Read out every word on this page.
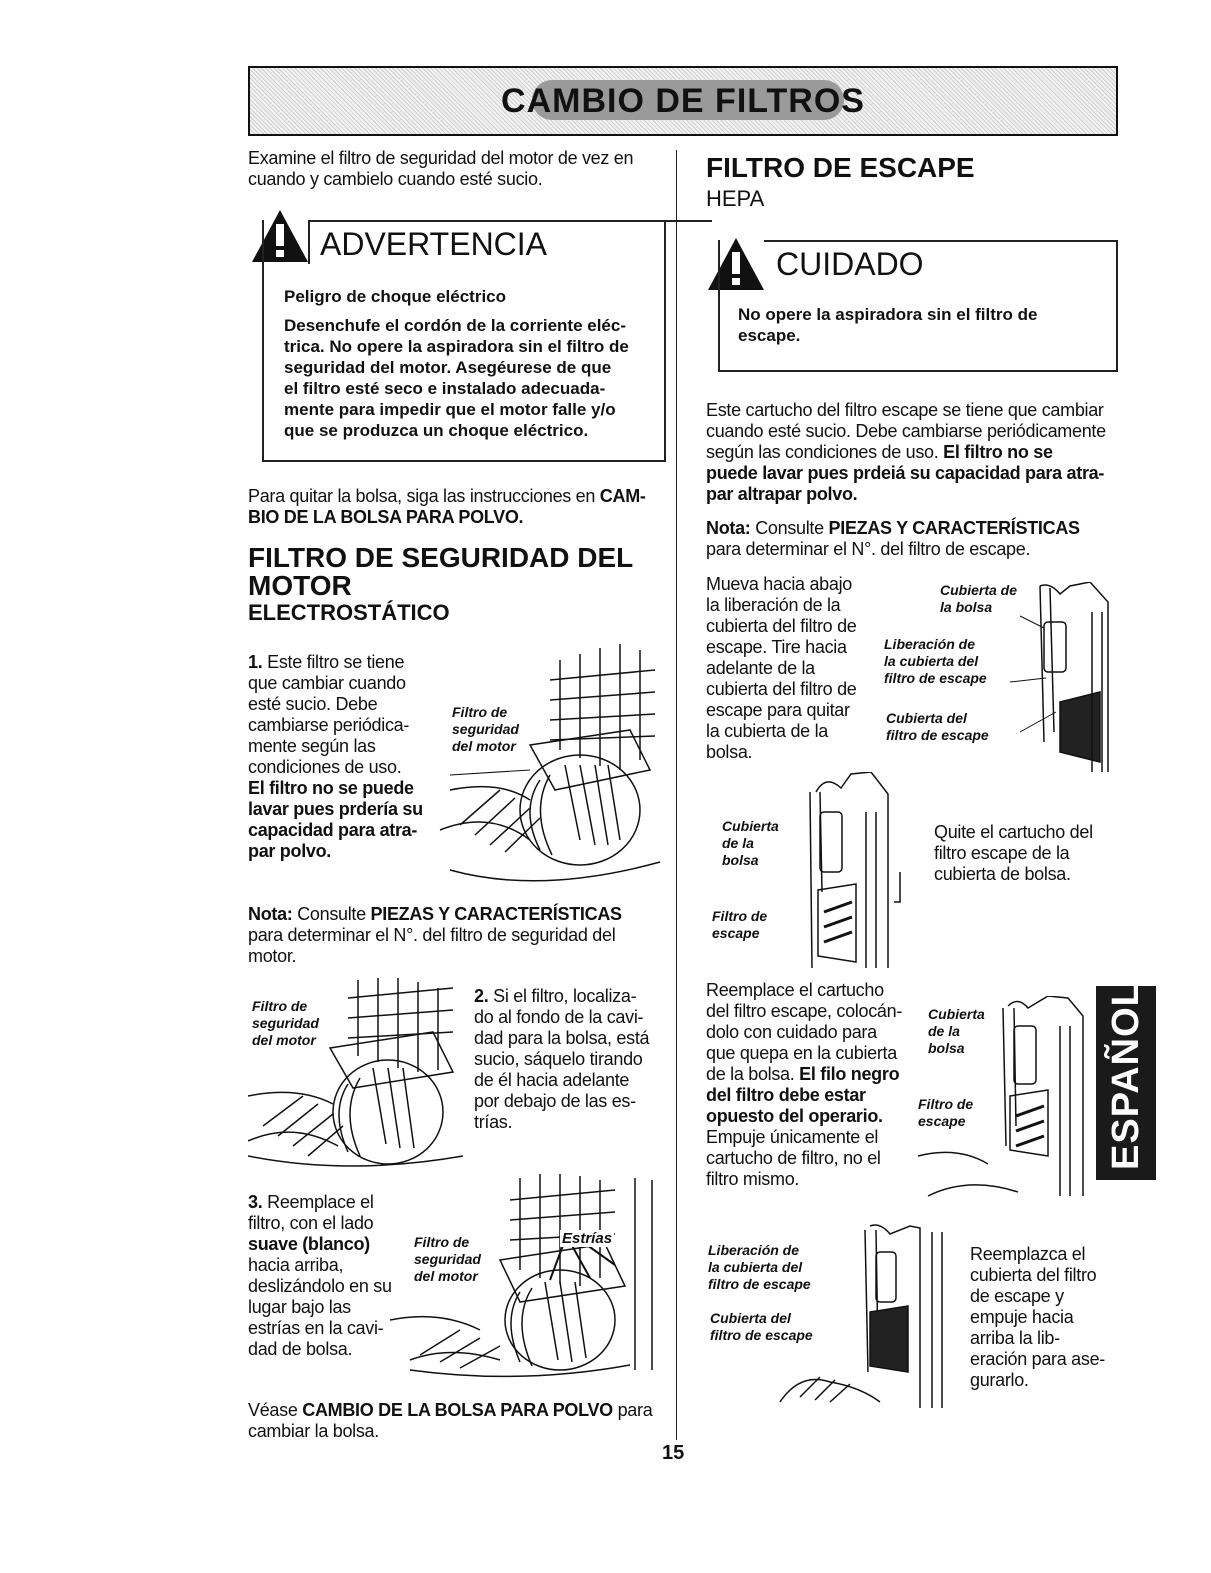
CAMBIO DE FILTROS
Examine el filtro de seguridad del motor de vez en
cuando y cambielo cuando esté sucio.
ADVERTENCIA
Peligro de choque eléctrico
Desenchufe el cordón de la corriente eléc-
trica. No opere la aspiradora sin el filtro de
seguridad del motor. Asegéurese de que
el filtro esté seco e instalado adecuada-
mente para impedir que el motor falle y/o
que se produzca un choque eléctrico.
Para quitar la bolsa, siga las instrucciones en CAM-
BIO DE LA BOLSA PARA POLVO.
FILTRO DE SEGURIDAD DEL
MOTOR
ELECTROSTÁTICO
1. Este filtro se tiene
que cambiar cuando
esté sucio. Debe
cambiarse periódica-
mente según las
condiciones de uso.
El filtro no se puede
lavar pues prdería su
capacidad para atra-
par polvo.
Filtro de
seguridad
del motor
Nota: Consulte PIEZAS Y CARACTERÍSTICAS
para determinar el N°. del filtro de seguridad del
motor.
Filtro de
seguridad
del motor
2. Si el filtro, localiza-
do al fondo de la cavi-
dad para la bolsa, está
sucio, sáquelo tirando
de él hacia adelante
por debajo de las es-
trías.
3. Reemplace el
filtro, con el lado
suave (blanco)
hacia arriba,
deslizándolo en su
lugar bajo las
estrías en la cavi-
dad de bolsa.
Filtro de
seguridad
del motor
Estrías
Véase CAMBIO DE LA BOLSA PARA POLVO para
cambiar la bolsa.
FILTRO DE ESCAPE
HEPA
CUIDADO
No opere la aspiradora sin el filtro de
escape.
Este cartucho del filtro escape se tiene que cambiar
cuando esté sucio. Debe cambiarse periódicamente
según las condiciones de uso. El filtro no se
puede lavar pues prdeiá su capacidad para atra-
par altrapar polvo.
Nota: Consulte PIEZAS Y CARACTERÍSTICAS
para determinar el N°. del filtro de escape.
Mueva hacia abajo
la liberación de la
cubierta del filtro de
escape. Tire hacia
adelante de la
cubierta del filtro de
escape para quitar
la cubierta de la
bolsa.
Cubierta de
la bolsa
Liberación de
la cubierta del
filtro de escape
Cubierta del
filtro de escape
Cubierta
de la
bolsa
Filtro de
escape
Quite el cartucho del
filtro escape de la
cubierta de bolsa.
Reemplace el cartucho
del filtro escape, colocán-
dolo con cuidado para
que quepa en la cubierta
de la bolsa. El filo negro
del filtro debe estar
opuesto del operario.
Empuje únicamente el
cartucho de filtro, no el
filtro mismo.
Cubierta
de la
bolsa
Filtro de
escape
Liberación de
la cubierta del
filtro de escape
Cubierta del
filtro de escape
Reemplazca el
cubierta del filtro
de escape y
empuje hacia
arriba la lib-
eración para ase-
gurarlo.
ESPAÑOL
15
